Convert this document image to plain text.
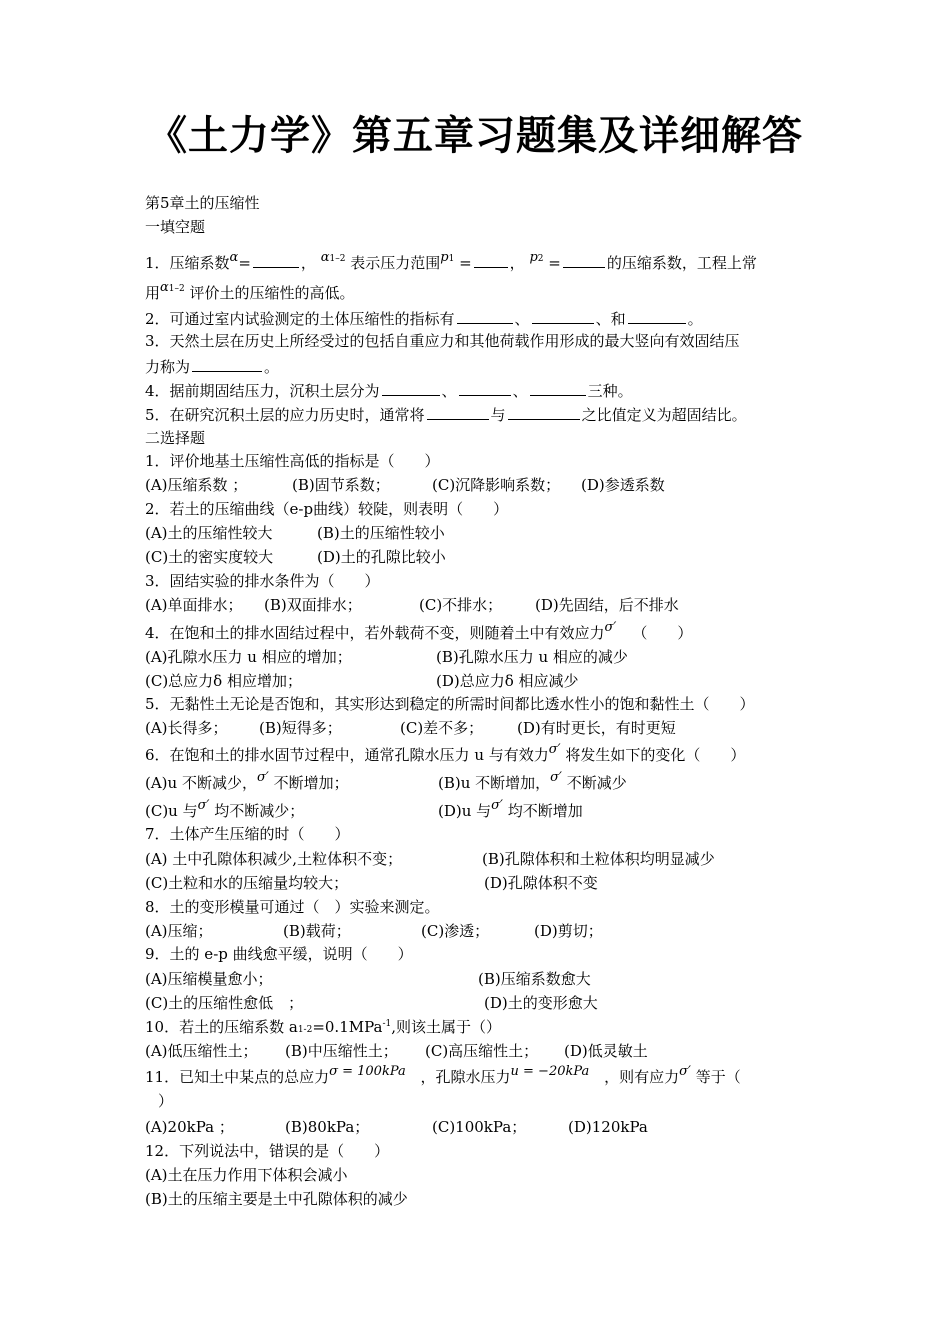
《土力学》第五章习题集及详细解答
第5章土的压缩性
一填空题
1．压缩系数α=	， α1–2 表示压力范围p1 =	， p2 =	的压缩系数，工程上常
用α1–2 评价土的压缩性的高低。
2．可通过室内试验测定的土体压缩性的指标有	、	、和	。
3．天然土层在历史上所经受过的包括自重应力和其他荷载作用形成的最大竖向有效固结压
力称为	。
4．据前期固结压力，沉积土层分为	、	、	三种。
5．在研究沉积土层的应力历史时，通常将	与	之比值定义为超固结比。
二选择题
1．评价地基土压缩性高低的指标是（　　）
(A)压缩系数 ；	(B)固节系数；	(C)沉降影响系数； (D)参透系数
2．若土的压缩曲线（e-p曲线）较陡，则表明（　　）
(A)土的压缩性较大	(B)土的压缩性较小
(C)土的密实度较大	(D)土的孔隙比较小
3．固结实验的排水条件为（　　）
(A)单面排水； (B)双面排水；	(C)不排水； (D)先固结，后不排水
4．在饱和土的排水固结过程中，若外载荷不变，则随着土中有效应力σ′ （　　）
(A)孔隙水压力 u 相应的增加；	(B)孔隙水压力 u 相应的减少
(C)总应力δ 相应增加；	(D)总应力δ 相应减少
5．无黏性土无论是否饱和，其实形达到稳定的所需时间都比透水性小的饱和黏性土（　　）
(A)长得多； (B)短得多；	(C)差不多； (D)有时更长，有时更短
6．在饱和土的排水固节过程中，通常孔隙水压力 u 与有效力σ′ 将发生如下的变化（　　）
(A)u 不断减少，σ′ 不断增加；	(B)u 不断增加，σ′ 不断减少
(C)u 与σ′ 均不断减少；	(D)u 与σ′ 均不断增加
7．土体产生压缩的时（　　）
(A) 土中孔隙体积减少,土粒体积不变；	(B)孔隙体积和土粒体积均明显减少
(C)土粒和水的压缩量均较大；	(D)孔隙体积不变
8．土的变形模量可通过（　）实验来测定。
(A)压缩；	(B)载荷；	(C)渗透；	(D)剪切；
9．土的 e-p 曲线愈平缓，说明（　　）
(A)压缩模量愈小；	(B)压缩系数愈大
(C)土的压缩性愈低　；	(D)土的变形愈大
10．若土的压缩系数 a1-2=0.1MPa$^{-1}$,则该土属于（）
(A)低压缩性土； (B)中压缩性土； (C)高压缩性土； (D)低灵敏土
11．已知土中某点的总应力σ = 100kPa ，孔隙水压力u = −20kPa ，则有应力σ′ 等于（
）
(A)20kPa ；	(B)80kPa；	(C)100kPa；	(D)120kPa
12．下列说法中，错误的是（　　）
(A)土在压力作用下体积会减小
(B)土的压缩主要是土中孔隙体积的减少
